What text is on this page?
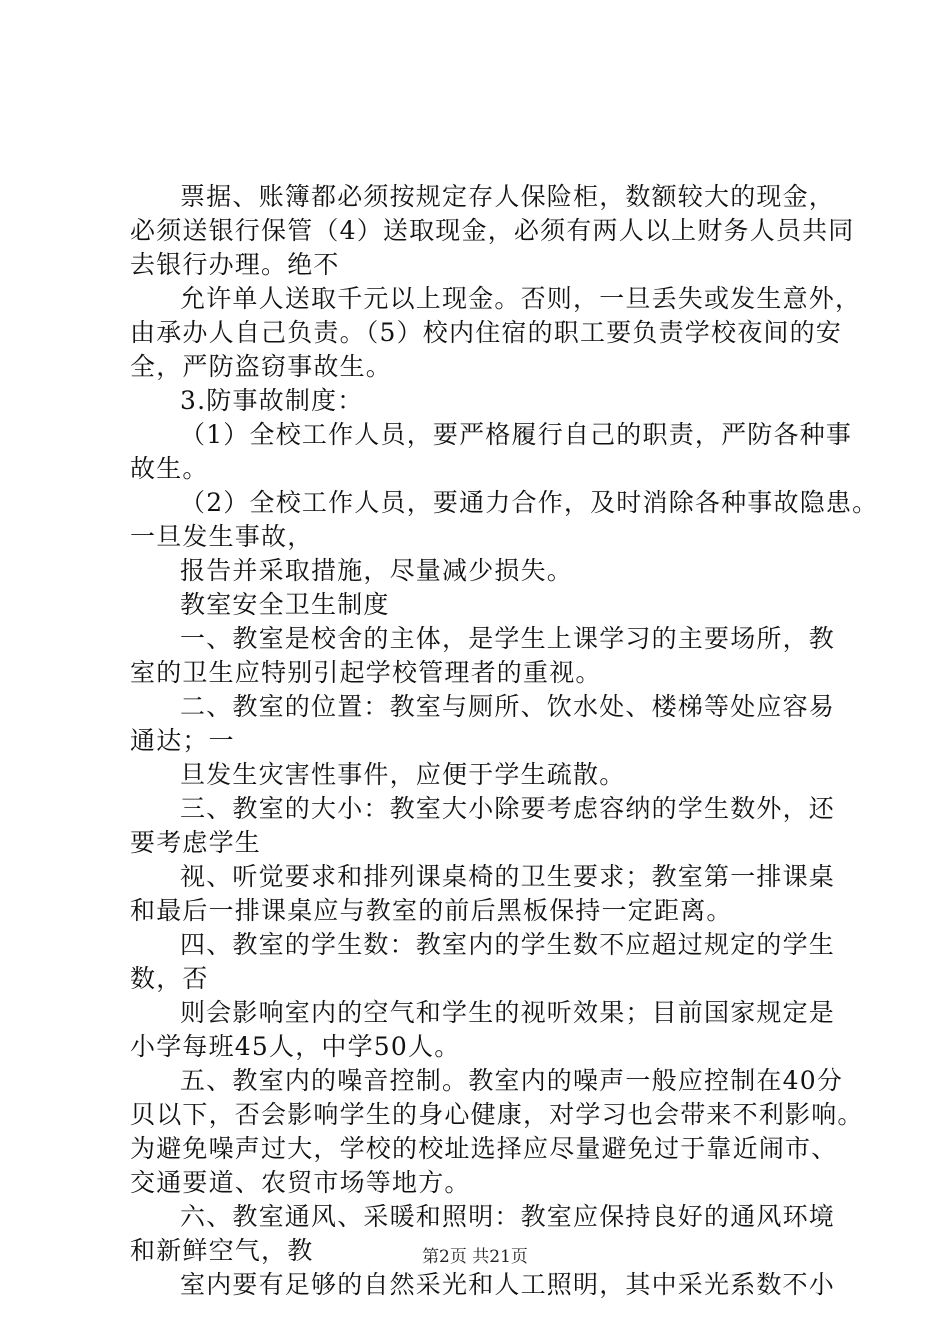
票据、账簿都必须按规定存人保险柜，数额较大的现金，
必须送银行保管（4）送取现金，必须有两人以上财务人员共同
去银行办理。绝不
允许单人送取千元以上现金。否则，一旦丢失或发生意外，
由承办人自己负责。（5）校内住宿的职工要负责学校夜间的安
全，严防盗窃事故生。
3.防事故制度：
（1）全校工作人员，要严格履行自己的职责，严防各种事
故生。
（2）全校工作人员，要通力合作，及时消除各种事故隐患。
一旦发生事故，
报告并采取措施，尽量减少损失。
教室安全卫生制度
一、教室是校舍的主体，是学生上课学习的主要场所，教
室的卫生应特别引起学校管理者的重视。
二、教室的位置：教室与厕所、饮水处、楼梯等处应容易
通达；一
旦发生灾害性事件，应便于学生疏散。
三、教室的大小：教室大小除要考虑容纳的学生数外，还
要考虑学生
视、听觉要求和排列课桌椅的卫生要求；教室第一排课桌
和最后一排课桌应与教室的前后黑板保持一定距离。
四、教室的学生数：教室内的学生数不应超过规定的学生
数，否
则会影响室内的空气和学生的视听效果；目前国家规定是
小学每班45人，中学50人。
五、教室内的噪音控制。教室内的噪声一般应控制在40分
贝以下，否会影响学生的身心健康，对学习也会带来不利影响。
为避免噪声过大，学校的校址选择应尽量避免过于靠近闹市、
交通要道、农贸市场等地方。
六、教室通风、采暖和照明：教室应保持良好的通风环境
和新鲜空气，教
室内要有足够的自然采光和人工照明，其中采光系数不小
第2页 共21页
